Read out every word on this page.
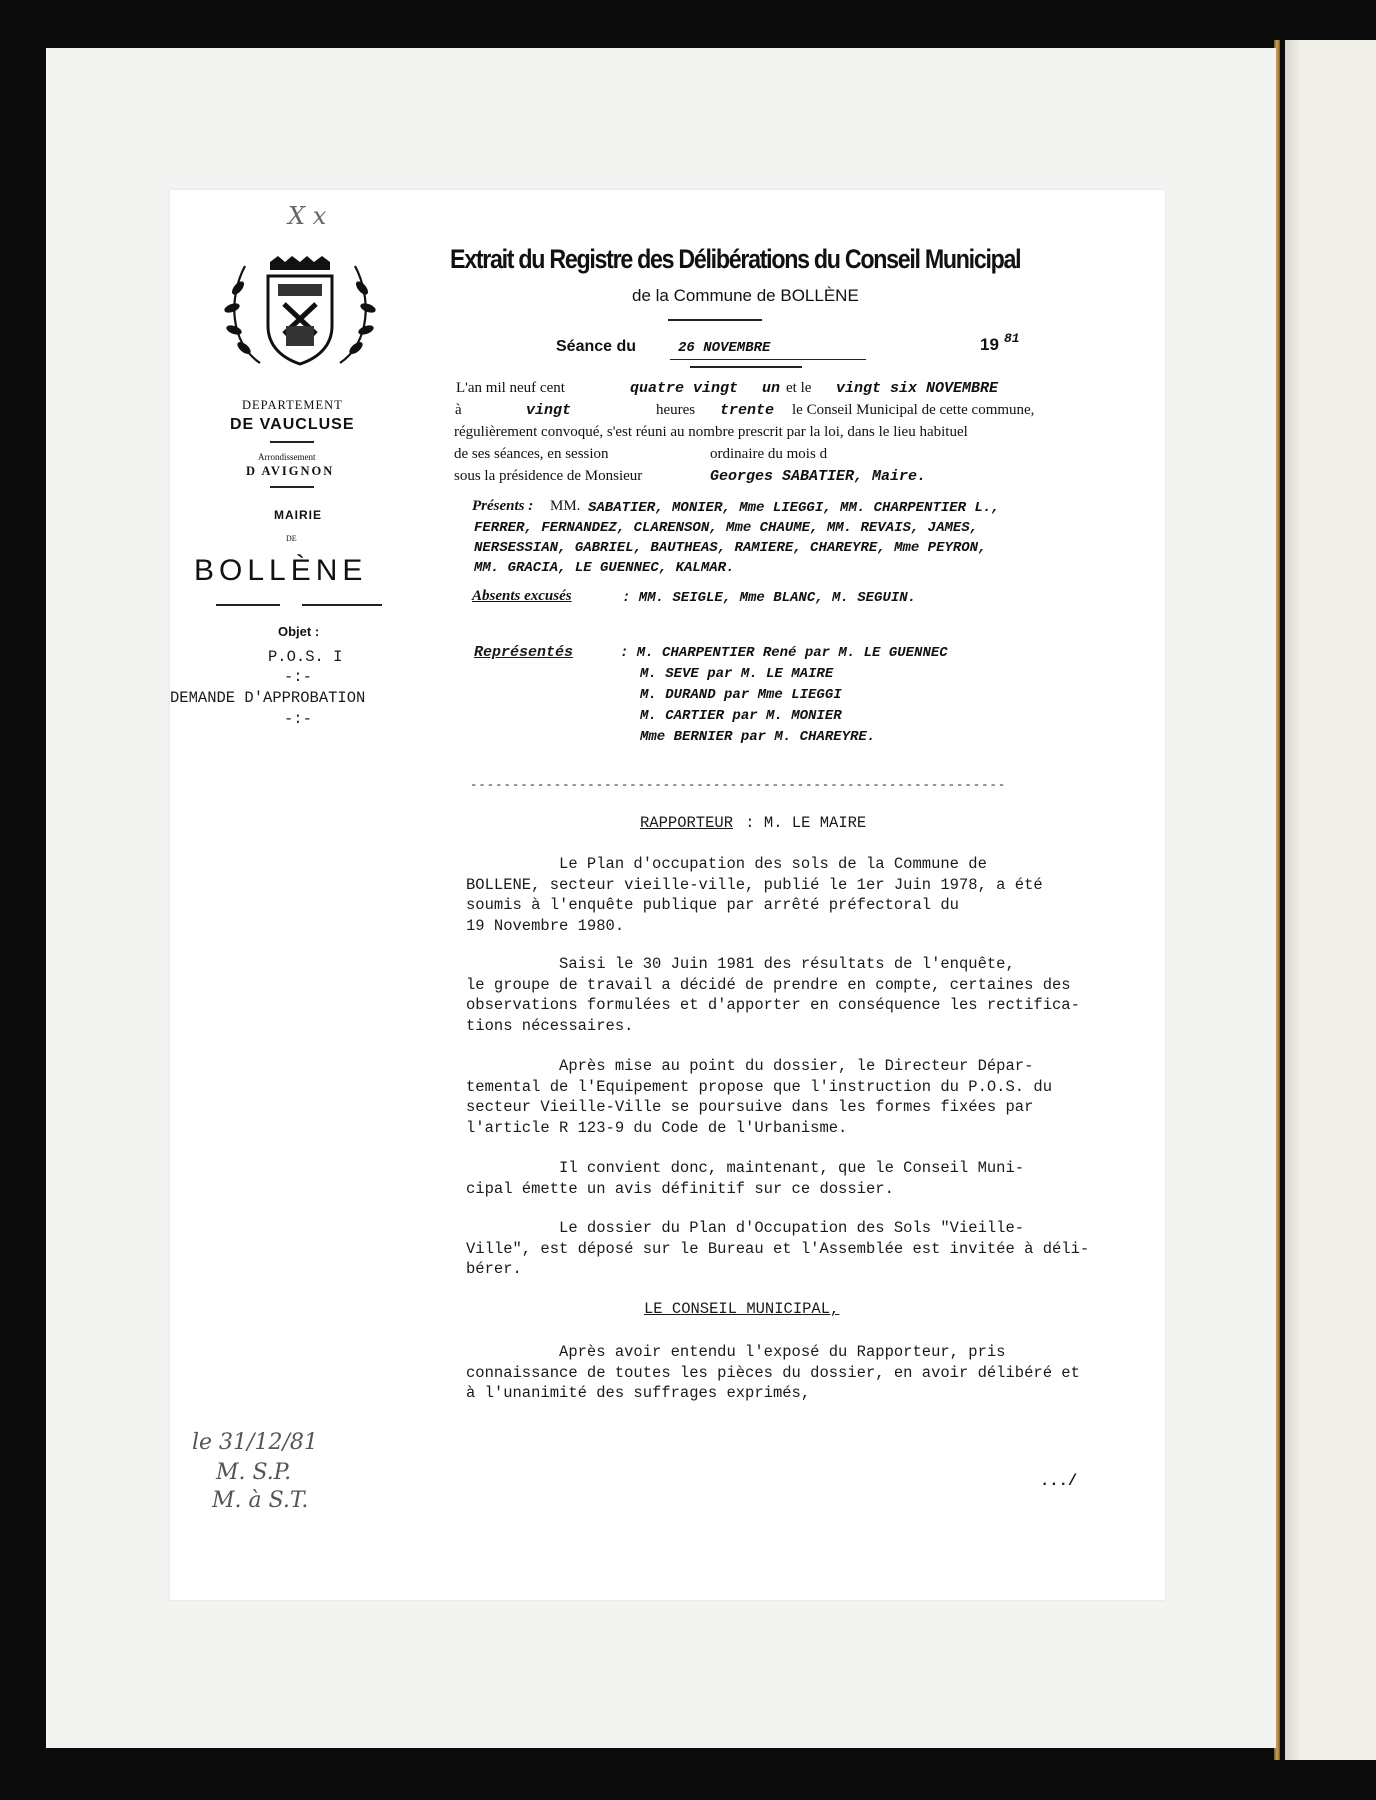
X x
DEPARTEMENT
DE VAUCLUSE
Arrondissement
D AVIGNON
MAIRIE
DE
BOLLÈNE
Objet :
P.O.S. I
-:-
DEMANDE D'APPROBATION
-:-
le 31/12/81
M. S.P.
M. à S.T.
Extrait du Registre des Délibérations du Conseil Municipal
de la Commune de BOLLÈNE
Séance du	26 NOVEMBRE	19 81
L'an mil neuf cent	quatre vingt un et le vingt six NOVEMBRE
à	vingt	heures trente le Conseil Municipal de cette commune,
régulièrement convoqué, s'est réuni au nombre prescrit par la loi, dans le lieu habituel
de ses séances, en session	ordinaire du mois d
sous la présidence de Monsieur	Georges SABATIER, Maire.
Présents : MM. SABATIER, MONIER, Mme LIEGGI, MM. CHARPENTIER L.,
FERRER, FERNANDEZ, CLARENSON, Mme CHAUME, MM. REVAIS, JAMES,
NERSESSIAN, GABRIEL, BAUTHEAS, RAMIERE, CHAREYRE, Mme PEYRON,
MM. GRACIA, LE GUENNEC, KALMAR.
Absents excusés	: MM. SEIGLE, Mme BLANC, M. SEGUIN.
Représentés	: M. CHARPENTIER René par M. LE GUENNEC
M. SEVE par M. LE MAIRE
M. DURAND par Mme LIEGGI
M. CARTIER par M. MONIER
Mme BERNIER par M. CHAREYRE.
----------------------------------------------------------------
RAPPORTEUR : M. LE MAIRE
Le Plan d'occupation des sols de la Commune de
BOLLENE, secteur vieille-ville, publié le 1er Juin 1978, a été
soumis à l'enquête publique par arrêté préfectoral du
19 Novembre 1980.
Saisi le 30 Juin 1981 des résultats de l'enquête,
le groupe de travail a décidé de prendre en compte, certaines des
observations formulées et d'apporter en conséquence les rectifica-
tions nécessaires.
Après mise au point du dossier, le Directeur Dépar-
temental de l'Equipement propose que l'instruction du P.O.S. du
secteur Vieille-Ville se poursuive dans les formes fixées par
l'article R 123-9 du Code de l'Urbanisme.
Il convient donc, maintenant, que le Conseil Muni-
cipal émette un avis définitif sur ce dossier.
Le dossier du Plan d'Occupation des Sols "Vieille-
Ville", est déposé sur le Bureau et l'Assemblée est invitée à déli-
bérer.
LE CONSEIL MUNICIPAL,
Après avoir entendu l'exposé du Rapporteur, pris
connaissance de toutes les pièces du dossier, en avoir délibéré et
à l'unanimité des suffrages exprimés,
.../
